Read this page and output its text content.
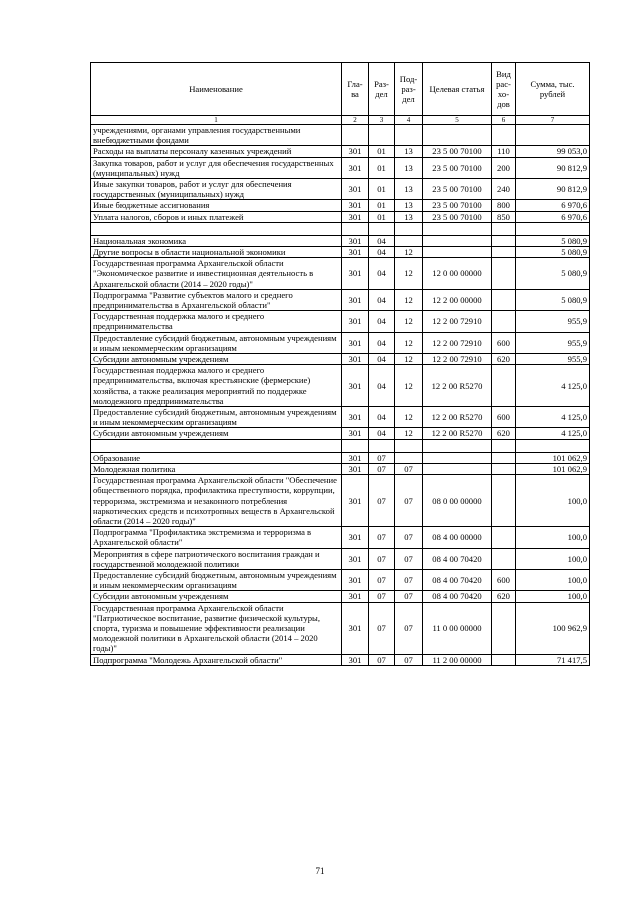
Наименование	Гла-ва	Раз-дел	Под-раз-дел	Целевая статья	Вид рас-хо-дов	Сумма, тыс. рублей
1	2	3	4	5	6	7
учреждениями, органами управления государственными внебюджетными фондами						
Расходы на выплаты персоналу казенных учреждений	301	01	13	23 5 00 70100	110	99 053,0
Закупка товаров, работ и услуг для обеспечения государственных (муниципальных) нужд	301	01	13	23 5 00 70100	200	90 812,9
Иные закупки товаров, работ и услуг для обеспечения государственных (муниципальных) нужд	301	01	13	23 5 00 70100	240	90 812,9
Иные бюджетные ассигнования	301	01	13	23 5 00 70100	800	6 970,6
Уплата налогов, сборов и иных платежей	301	01	13	23 5 00 70100	850	6 970,6

Национальная экономика	301	04				5 080,9
Другие вопросы в области национальной экономики	301	04	12			5 080,9
Государственная программа Архангельской области "Экономическое развитие и инвестиционная деятельность в Архангельской области (2014 – 2020 годы)"	301	04	12	12 0 00 00000		5 080,9
Подпрограмма "Развитие субъектов малого и среднего предпринимательства в Архангельской области"	301	04	12	12 2 00 00000		5 080,9
Государственная поддержка малого и среднего предпринимательства	301	04	12	12 2 00 72910		955,9
Предоставление субсидий бюджетным, автономным учреждениям и иным некоммерческим организациям	301	04	12	12 2 00 72910	600	955,9
Субсидии автономным учреждениям	301	04	12	12 2 00 72910	620	955,9
Государственная поддержка малого и среднего предпринимательства, включая крестьянские (фермерские) хозяйства, а также реализация мероприятий по поддержке молодежного предпринимательства	301	04	12	12 2 00 R5270		4 125,0
Предоставление субсидий бюджетным, автономным учреждениям и иным некоммерческим организациям	301	04	12	12 2 00 R5270	600	4 125,0
Субсидии автономным учреждениям	301	04	12	12 2 00 R5270	620	4 125,0

Образование	301	07				101 062,9
Молодежная политика	301	07	07			101 062,9
Государственная программа Архангельской области "Обеспечение общественного порядка, профилактика преступности, коррупции, терроризма, экстремизма и незаконного потребления наркотических средств и психотропных веществ в Архангельской области (2014 – 2020 годы)"	301	07	07	08 0 00 00000		100,0
Подпрограмма "Профилактика экстремизма и терроризма в Архангельской области"	301	07	07	08 4 00 00000		100,0
Мероприятия в сфере патриотического воспитания граждан и государственной молодежной политики	301	07	07	08 4 00 70420		100,0
Предоставление субсидий бюджетным, автономным учреждениям и иным некоммерческим организациям	301	07	07	08 4 00 70420	600	100,0
Субсидии автономным учреждениям	301	07	07	08 4 00 70420	620	100,0
Государственная программа Архангельской области "Патриотическое воспитание, развитие физической культуры, спорта, туризма и повышение эффективности реализации молодежной политики в Архангельской области (2014 – 2020 годы)"	301	07	07	11 0 00 00000		100 962,9
Подпрограмма "Молодежь Архангельской области"	301	07	07	11 2 00 00000		71 417,5
71
